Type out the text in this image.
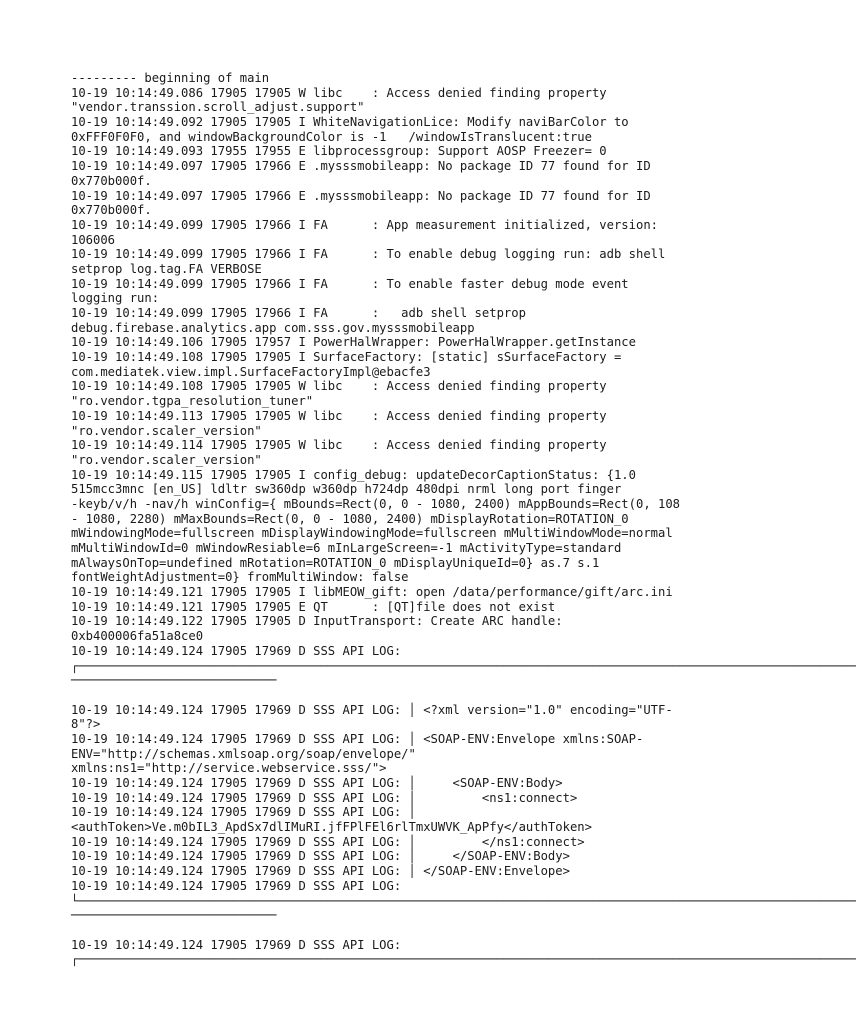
--------- beginning of main
10-19 10:14:49.086 17905 17905 W libc    : Access denied finding property
"vendor.transsion.scroll_adjust.support"
10-19 10:14:49.092 17905 17905 I WhiteNavigationLice: Modify naviBarColor to
0xFFF0F0F0, and windowBackgroundColor is -1   /windowIsTranslucent:true
10-19 10:14:49.093 17955 17955 E libprocessgroup: Support AOSP Freezer= 0
10-19 10:14:49.097 17905 17966 E .mysssmobileapp: No package ID 77 found for ID
0x770b000f.
10-19 10:14:49.097 17905 17966 E .mysssmobileapp: No package ID 77 found for ID
0x770b000f.
10-19 10:14:49.099 17905 17966 I FA      : App measurement initialized, version:
106006
10-19 10:14:49.099 17905 17966 I FA      : To enable debug logging run: adb shell
setprop log.tag.FA VERBOSE
10-19 10:14:49.099 17905 17966 I FA      : To enable faster debug mode event
logging run:
10-19 10:14:49.099 17905 17966 I FA      :   adb shell setprop
debug.firebase.analytics.app com.sss.gov.mysssmobileapp
10-19 10:14:49.106 17905 17957 I PowerHalWrapper: PowerHalWrapper.getInstance
10-19 10:14:49.108 17905 17905 I SurfaceFactory: [static] sSurfaceFactory =
com.mediatek.view.impl.SurfaceFactoryImpl@ebacfe3
10-19 10:14:49.108 17905 17905 W libc    : Access denied finding property
"ro.vendor.tgpa_resolution_tuner"
10-19 10:14:49.113 17905 17905 W libc    : Access denied finding property
"ro.vendor.scaler_version"
10-19 10:14:49.114 17905 17905 W libc    : Access denied finding property
"ro.vendor.scaler_version"
10-19 10:14:49.115 17905 17905 I config_debug: updateDecorCaptionStatus: {1.0
515mcc3mnc [en_US] ldltr sw360dp w360dp h724dp 480dpi nrml long port finger
-keyb/v/h -nav/h winConfig={ mBounds=Rect(0, 0 - 1080, 2400) mAppBounds=Rect(0, 108
- 1080, 2280) mMaxBounds=Rect(0, 0 - 1080, 2400) mDisplayRotation=ROTATION_0
mWindowingMode=fullscreen mDisplayWindowingMode=fullscreen mMultiWindowMode=normal
mMultiWindowId=0 mWindowResiable=6 mInLargeScreen=-1 mActivityType=standard
mAlwaysOnTop=undefined mRotation=ROTATION_0 mDisplayUniqueId=0} as.7 s.1
fontWeightAdjustment=0} fromMultiWindow: false
10-19 10:14:49.121 17905 17905 I libMEOW_gift: open /data/performance/gift/arc.ini
10-19 10:14:49.121 17905 17905 E QT      : [QT]file does not exist
10-19 10:14:49.122 17905 17905 D InputTransport: Create ARC handle:
0xb400006fa51a8ce0
10-19 10:14:49.124 17905 17969 D SSS API LOG:
┌──────────────────────────────────────────────────────────────────────────────────────────────────────────
────────────────────────────
10-19 10:14:49.124 17905 17969 D SSS API LOG: │ <?xml version="1.0" encoding="UTF-
8"?>
10-19 10:14:49.124 17905 17969 D SSS API LOG: │ <SOAP-ENV:Envelope xmlns:SOAP-
ENV="http://schemas.xmlsoap.org/soap/envelope/"
xmlns:ns1="http://service.webservice.sss/">
10-19 10:14:49.124 17905 17969 D SSS API LOG: │     <SOAP-ENV:Body>
10-19 10:14:49.124 17905 17969 D SSS API LOG: │         <ns1:connect>
10-19 10:14:49.124 17905 17969 D SSS API LOG: │
<authToken>Ve.m0bIL3_ApdSx7dlIMuRI.jfFPlFEl6rlTmxUWVK_ApPfy</authToken>
10-19 10:14:49.124 17905 17969 D SSS API LOG: │         </ns1:connect>
10-19 10:14:49.124 17905 17969 D SSS API LOG: │     </SOAP-ENV:Body>
10-19 10:14:49.124 17905 17969 D SSS API LOG: │ </SOAP-ENV:Envelope>
10-19 10:14:49.124 17905 17969 D SSS API LOG:
└──────────────────────────────────────────────────────────────────────────────────────────────────────────
────────────────────────────
10-19 10:14:49.124 17905 17969 D SSS API LOG:
┌──────────────────────────────────────────────────────────────────────────────────────────────────────────
